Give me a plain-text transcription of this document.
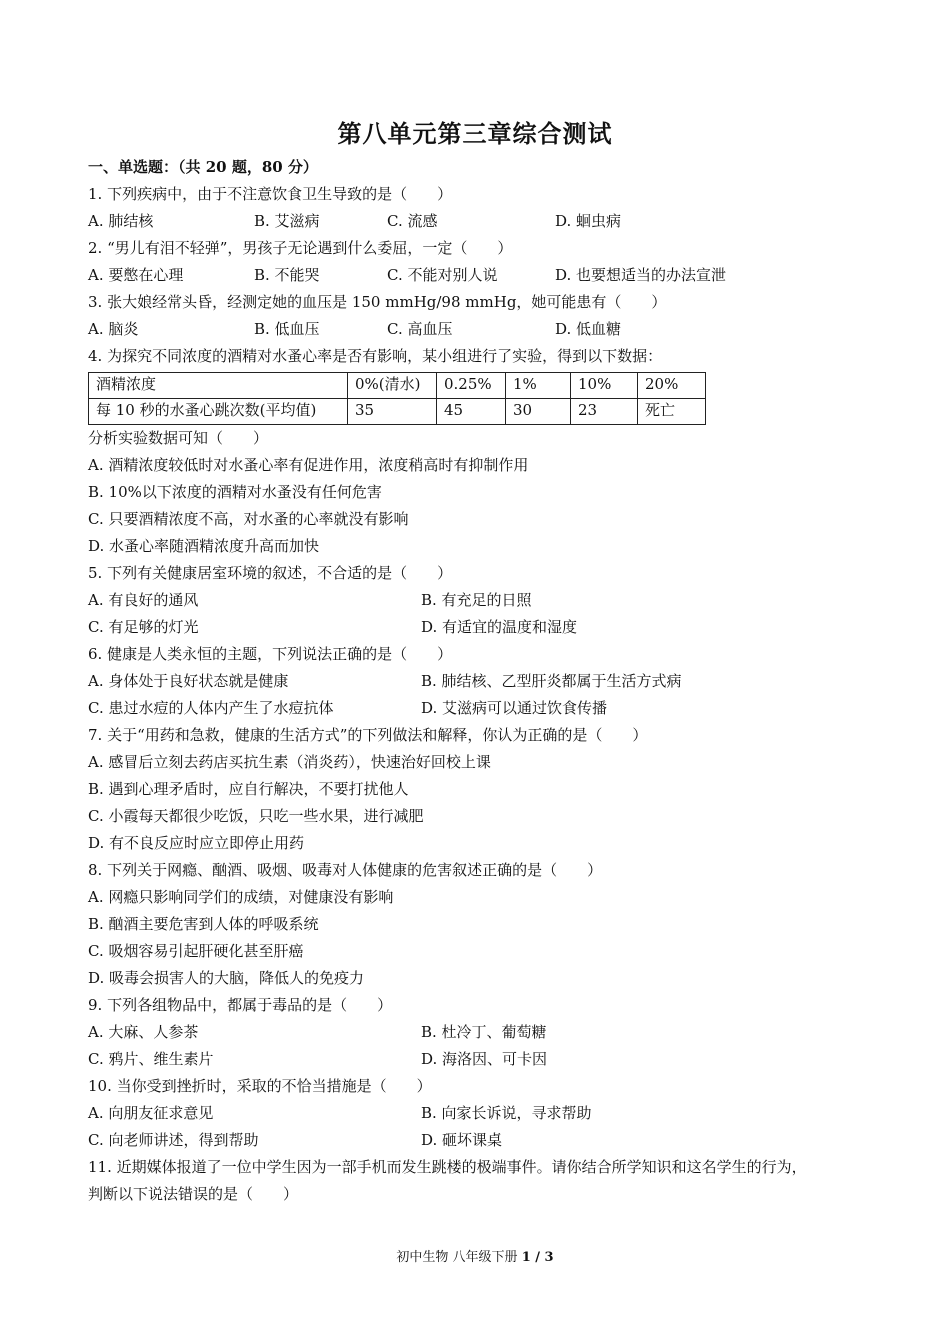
第八单元第三章综合测试
一、单选题：（共 20 题，80 分）
1. 下列疾病中，由于不注意饮食卫生导致的是（　　）
A. 肺结核	B. 艾滋病	C. 流感	D. 蛔虫病
2. “男儿有泪不轻弹”，男孩子无论遇到什么委屈，一定（　　）
A. 要憋在心理	B. 不能哭	C. 不能对别人说	D. 也要想适当的办法宣泄
3. 张大娘经常头昏，经测定她的血压是 150 mmHg/98 mmHg，她可能患有（　　）
A. 脑炎	B. 低血压	C. 高血压	D. 低血糖
4. 为探究不同浓度的酒精对水蚤心率是否有影响，某小组进行了实验，得到以下数据：
酒精浓度	0%(清水)	0.25%	1%	10%	20%
每 10 秒的水蚤心跳次数(平均值)	35	45	30	23	死亡
分析实验数据可知（　　）
A. 酒精浓度较低时对水蚤心率有促进作用，浓度稍高时有抑制作用
B. 10%以下浓度的酒精对水蚤没有任何危害
C. 只要酒精浓度不高，对水蚤的心率就没有影响
D. 水蚤心率随酒精浓度升高而加快
5. 下列有关健康居室环境的叙述，不合适的是（　　）
A. 有良好的通风	B. 有充足的日照
C. 有足够的灯光	D. 有适宜的温度和湿度
6. 健康是人类永恒的主题，下列说法正确的是（　　）
A. 身体处于良好状态就是健康	B. 肺结核、乙型肝炎都属于生活方式病
C. 患过水痘的人体内产生了水痘抗体	D. 艾滋病可以通过饮食传播
7. 关于“用药和急救，健康的生活方式”的下列做法和解释，你认为正确的是（　　）
A. 感冒后立刻去药店买抗生素（消炎药），快速治好回校上课
B. 遇到心理矛盾时，应自行解决，不要打扰他人
C. 小霞每天都很少吃饭，只吃一些水果，进行减肥
D. 有不良反应时应立即停止用药
8. 下列关于网瘾、酗酒、吸烟、吸毒对人体健康的危害叙述正确的是（　　）
A. 网瘾只影响同学们的成绩，对健康没有影响
B. 酗酒主要危害到人体的呼吸系统
C. 吸烟容易引起肝硬化甚至肝癌
D. 吸毒会损害人的大脑，降低人的免疫力
9. 下列各组物品中，都属于毒品的是（　　）
A. 大麻、人参茶	B. 杜冷丁、葡萄糖
C. 鸦片、维生素片	D. 海洛因、可卡因
10. 当你受到挫折时，采取的不恰当措施是（　　）
A. 向朋友征求意见	B. 向家长诉说，寻求帮助
C. 向老师讲述，得到帮助	D. 砸坏课桌
11. 近期媒体报道了一位中学生因为一部手机而发生跳楼的极端事件。请你结合所学知识和这名学生的行为，
判断以下说法错误的是（　　）
初中生物 八年级下册 1 / 3
